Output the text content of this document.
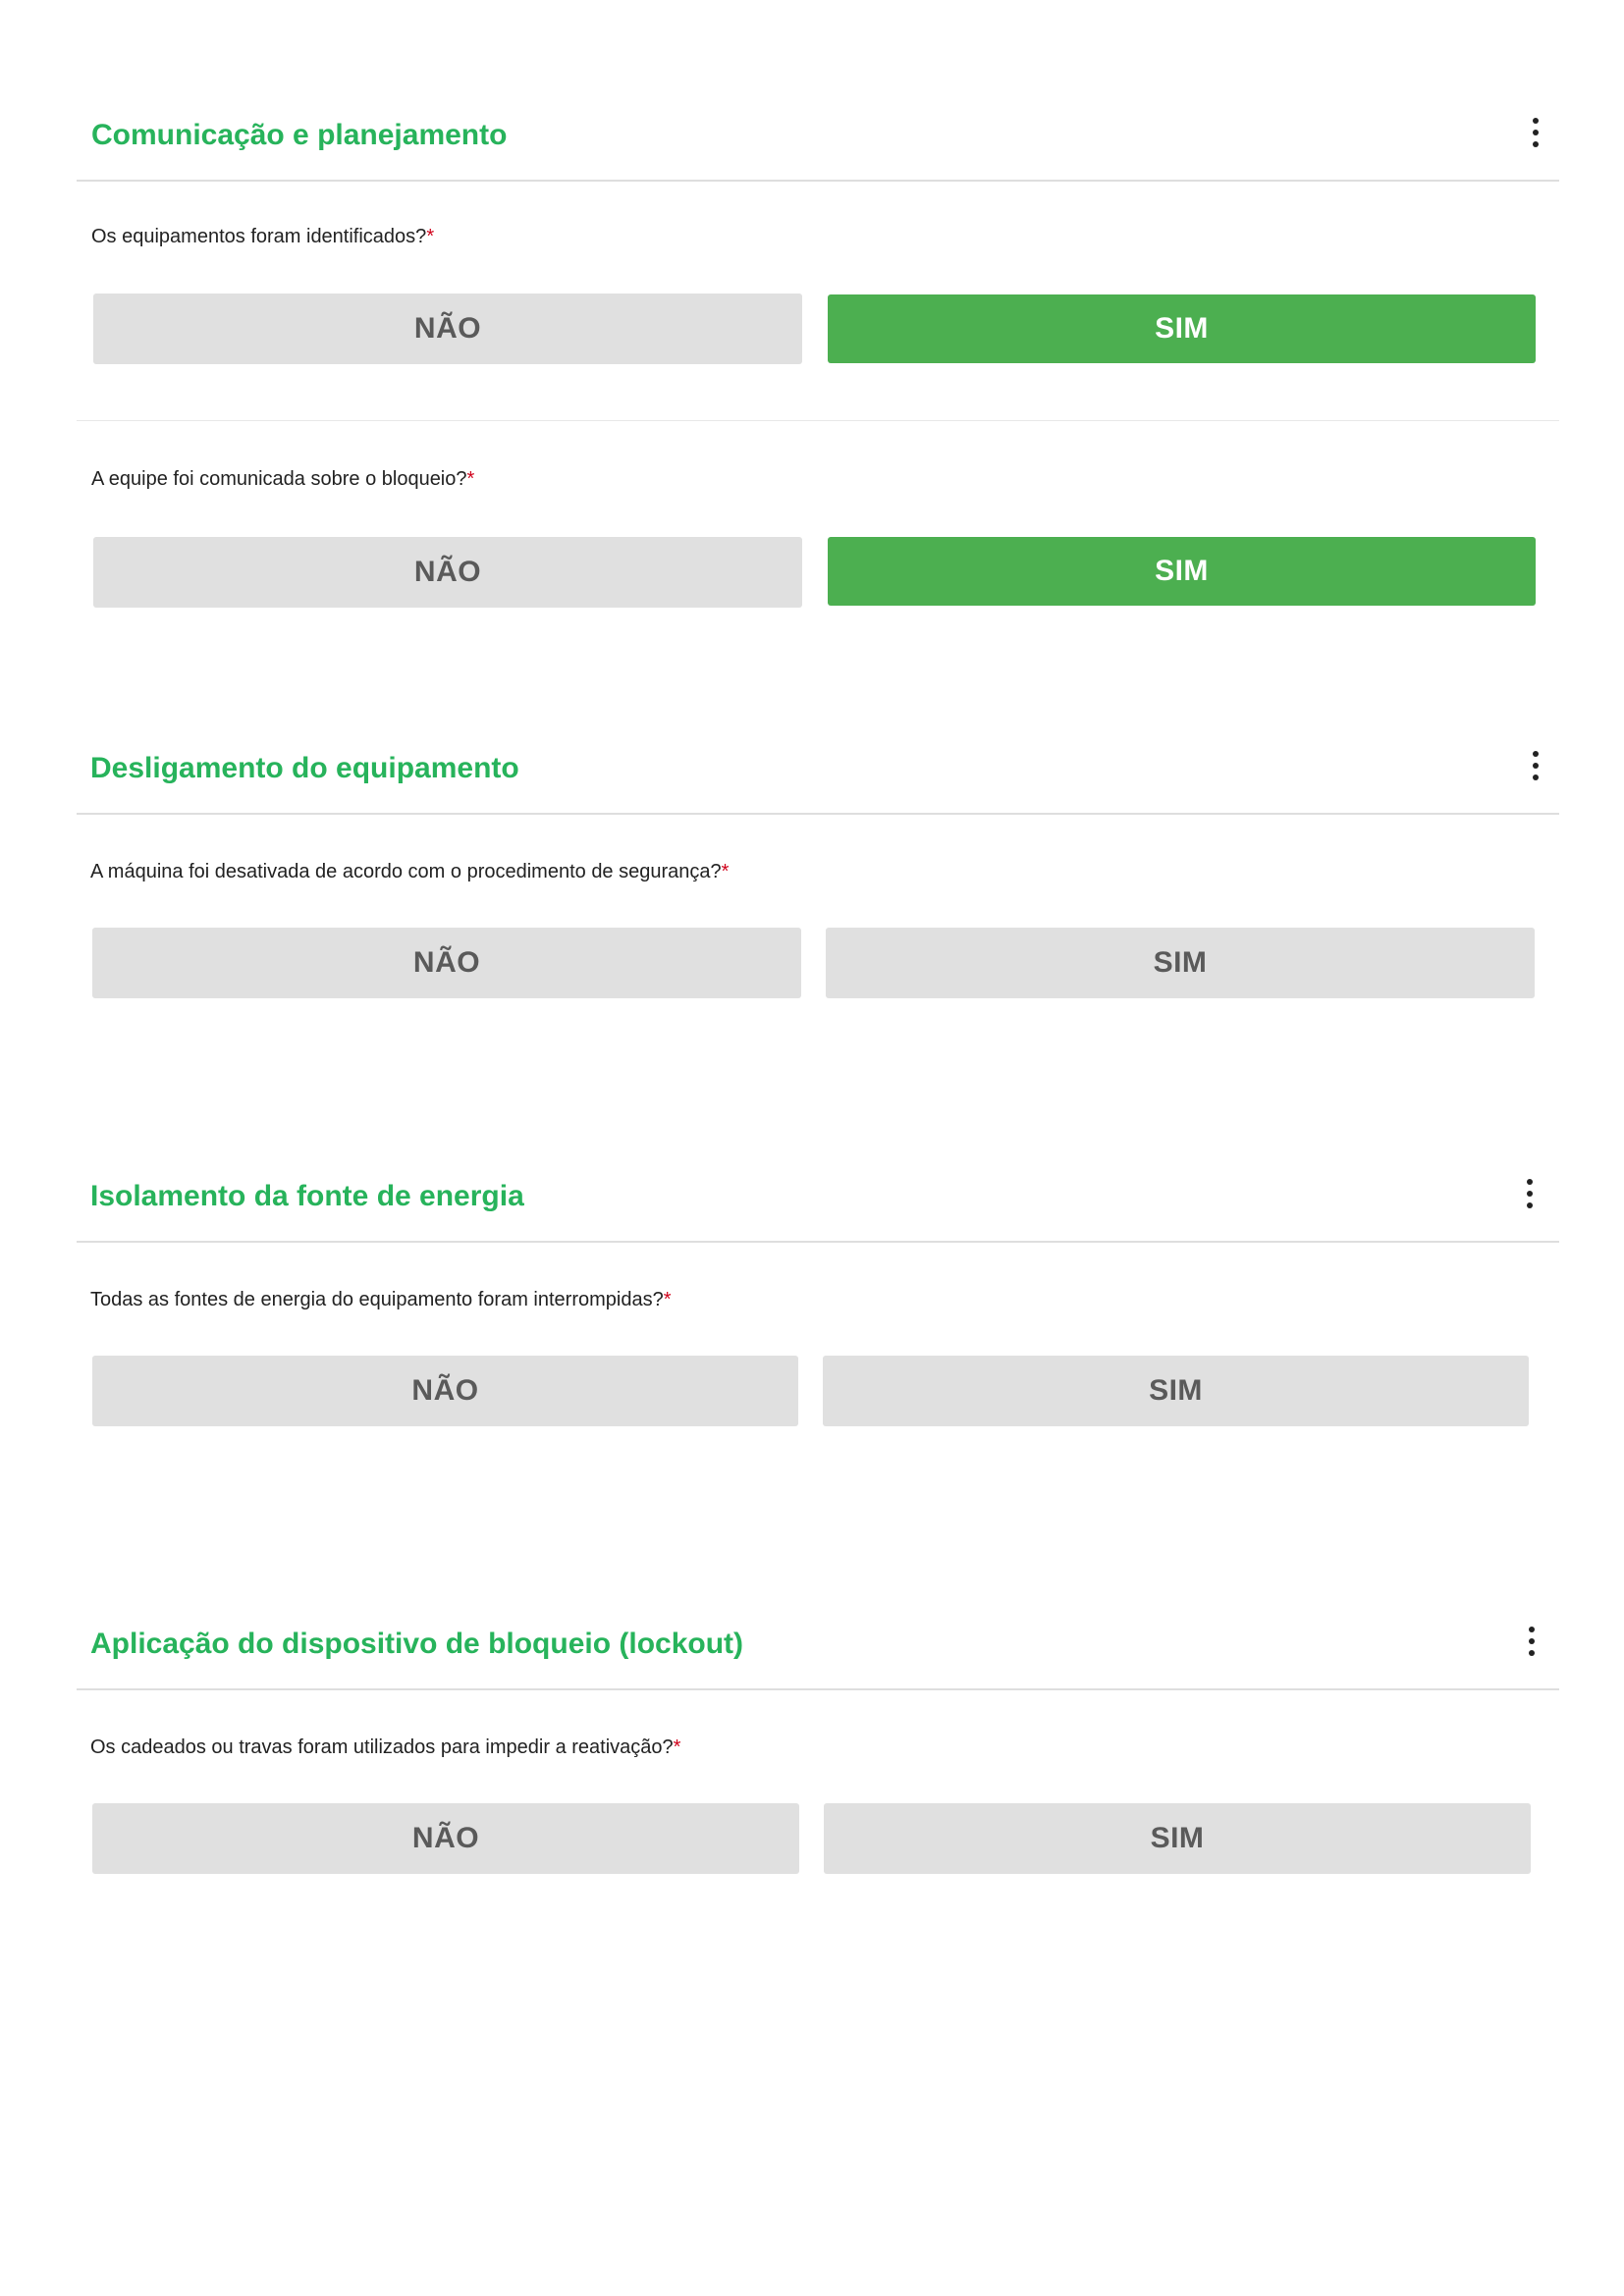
Comunicação e planejamento
Os equipamentos foram identificados?*
NÃO	SIM
A equipe foi comunicada sobre o bloqueio?*
NÃO	SIM
Desligamento do equipamento
A máquina foi desativada de acordo com o procedimento de segurança?*
NÃO	SIM
Isolamento da fonte de energia
Todas as fontes de energia do equipamento foram interrompidas?*
NÃO	SIM
Aplicação do dispositivo de bloqueio (lockout)
Os cadeados ou travas foram utilizados para impedir a reativação?*
NÃO	SIM
